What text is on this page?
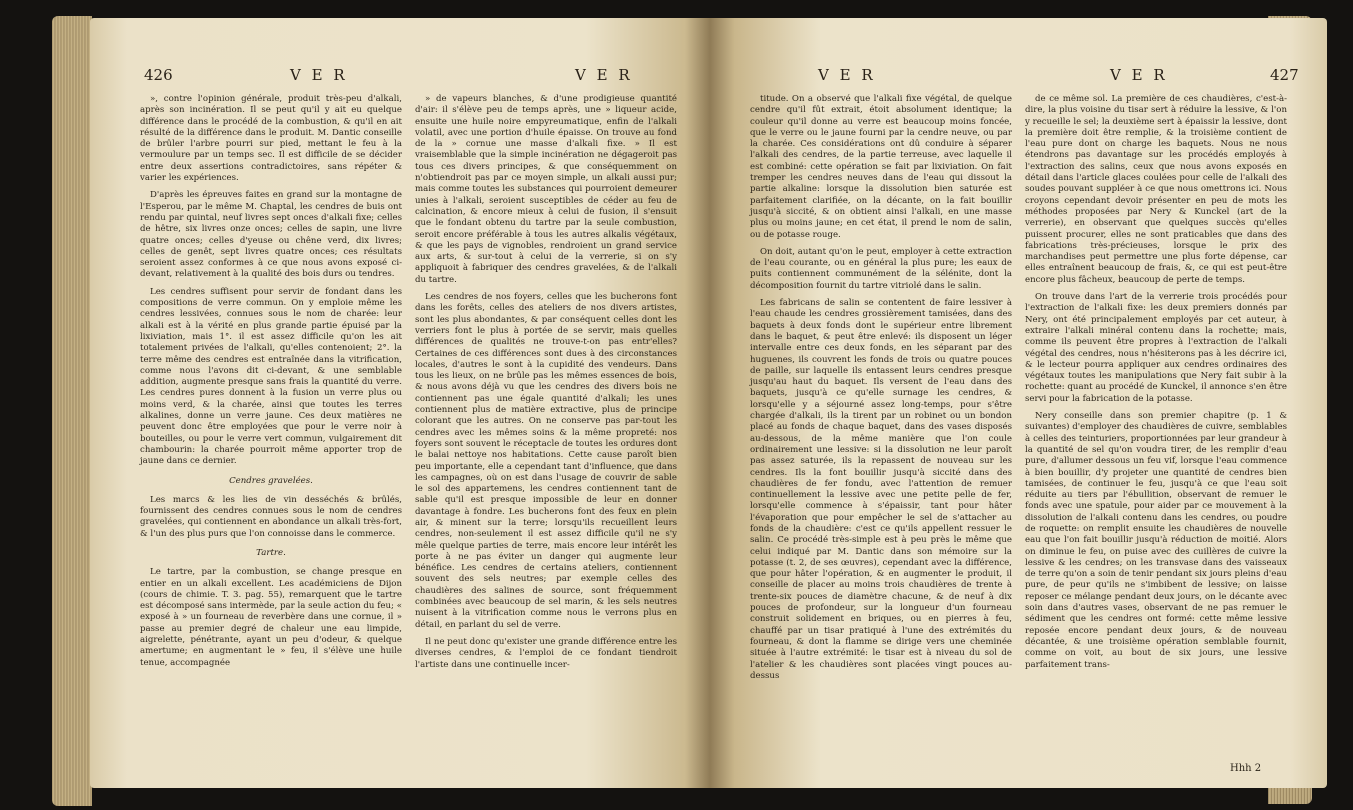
426	V E R	V E R

», contre l'opinion générale, produit très-peu d'alkali, après son incinération. Il se peut qu'il y ait eu quelque différence dans le procédé de la combustion, & qu'il en ait résulté de la différence dans le produit. M. Dantic conseille de brûler l'arbre pourri sur pied, mettant le feu à la vermoulure par un temps sec. Il est difficile de se décider entre deux assertions contradictoires, sans répéter & varier les expériences.

D'après les épreuves faites en grand sur la montagne de l'Esperou, par le même M. Chaptal, les cendres de buis ont rendu par quintal, neuf livres sept onces d'alkali fixe; celles de hêtre, six livres onze onces; celles de sapin, une livre quatre onces; celles d'yeuse ou chêne verd, dix livres; celles de genêt, sept livres quatre onces; ces résultats seroient assez conformes à ce que nous avons exposé ci-devant, relativement à la qualité des bois durs ou tendres.

Les cendres suffisent pour servir de fondant dans les compositions de verre commun. On y emploie même les cendres lessivées, connues sous le nom de charée: leur alkali est à la vérité en plus grande partie épuisé par la lixiviation, mais 1°. il est assez difficile qu'on les ait totalement privées de l'alkali, qu'elles contenoient; 2°. la terre même des cendres est entraînée dans la vitrification, comme nous l'avons dit ci-devant, & une semblable addition, augmente presque sans frais la quantité du verre. Les cendres pures donnent à la fusion un verre plus ou moins verd, & la charée, ainsi que toutes les terres alkalines, donne un verre jaune. Ces deux matières ne peuvent donc être employées que pour le verre noir à bouteilles, ou pour le verre vert commun, vulgairement dit chambourin: la charée pourroit même apporter trop de jaune dans ce dernier.

Cendres gravelées.

Les marcs & les lies de vin desséchés & brûlés, fournissent des cendres connues sous le nom de cendres gravelées, qui contiennent en abondance un alkali très-fort, & l'un des plus purs que l'on connoisse dans le commerce.

Tartre.

Le tartre, par la combustion, se change presque en entier en un alkali excellent. Les académiciens de Dijon (cours de chimie. T. 3. pag. 55), remarquent que le tartre est décomposé sans intermède, par la seule action du feu; « exposé à » un fourneau de reverbère dans une cornue, il » passe au premier degré de chaleur une eau limpide, aigrelette, pénétrante, ayant un peu d'odeur, & quelque amertume; en augmentant le » feu, il s'élève une huile tenue, accompagnée

» de vapeurs blanches, & d'une prodigieuse quantité d'air: il s'élève peu de temps après, une » liqueur acide, ensuite une huile noire empyreumatique, enfin de l'alkali volatil, avec une portion d'huile épaisse. On trouve au fond de la » cornue une masse d'alkali fixe. » Il est vraisemblable que la simple incinération ne dégageroit pas tous ces divers principes, & que conséquemment on n'obtiendroit pas par ce moyen simple, un alkali aussi pur; mais comme toutes les substances qui pourroient demeurer unies à l'alkali, seroient susceptibles de céder au feu de calcination, & encore mieux à celui de fusion, il s'ensuit que le fondant obtenu du tartre par la seule combustion, seroit encore préférable à tous les autres alkalis végétaux, & que les pays de vignobles, rendroient un grand service aux arts, & sur-tout à celui de la verrerie, si on s'y appliquoit à fabriquer des cendres gravelées, & de l'alkali du tartre.

Les cendres de nos foyers, celles que les bucherons font dans les forêts, celles des ateliers de nos divers artistes, sont les plus abondantes, & par conséquent celles dont les verriers font le plus à portée de se servir, mais quelles différences de qualités ne trouve-t-on pas entr'elles? Certaines de ces différences sont dues à des circonstances locales, d'autres le sont à la cupidité des vendeurs. Dans tous les lieux, on ne brûle pas les mêmes essences de bois, & nous avons déjà vu que les cendres des divers bois ne contiennent pas une égale quantité d'alkali; les unes contiennent plus de matière extractive, plus de principe colorant que les autres. On ne conserve pas par-tout les cendres avec les mêmes soins & la même propreté: nos foyers sont souvent le réceptacle de toutes les ordures dont le balai nettoye nos habitations. Cette cause paroît bien peu importante, elle a cependant tant d'influence, que dans les campagnes, où on est dans l'usage de couvrir de sable le sol des appartemens, les cendres contiennent tant de sable qu'il est presque impossible de leur en donner davantage à fondre. Les bucherons font des feux en plein air, & minent sur la terre; lorsqu'ils recueillent leurs cendres, non-seulement il est assez difficile qu'il ne s'y mêle quelque parties de terre, mais encore leur intérêt les porte à ne pas éviter un danger qui augmente leur bénéfice. Les cendres de certains ateliers, contiennent souvent des sels neutres; par exemple celles des chaudières des salines de source, sont fréquemment combinées avec beaucoup de sel marin, & les sels neutres nuisent à la vitrification comme nous le verrons plus en détail, en parlant du sel de verre.

Il ne peut donc qu'exister une grande différence entre les diverses cendres, & l'emploi de ce fondant tiendroit l'artiste dans une continuelle incer-

V E R	V E R	427

titude. On a observé que l'alkali fixe végétal, de quelque cendre qu'il fût extrait, étoit absolument identique; la couleur qu'il donne au verre est beaucoup moins foncée, que le verre ou le jaune fourni par la cendre neuve, ou par la charée. Ces considérations ont dû conduire à séparer l'alkali des cendres, de la partie terreuse, avec laquelle il est combiné: cette opération se fait par lixiviation. On fait tremper les cendres neuves dans de l'eau qui dissout la partie alkaline: lorsque la dissolution bien saturée est parfaitement clarifiée, on la décante, on la fait bouillir jusqu'à siccité, & on obtient ainsi l'alkali, en une masse plus ou moins jaune; en cet état, il prend le nom de salin, ou de potasse rouge.

On doit, autant qu'on le peut, employer à cette extraction de l'eau courante, ou en général la plus pure; les eaux de puits contiennent communément de la sélénite, dont la décomposition fournit du tartre vitriolé dans le salin.

Les fabricans de salin se contentent de faire lessiver à l'eau chaude les cendres grossièrement tamisées, dans des baquets à deux fonds dont le supérieur entre librement dans le baquet, & peut être enlevé: ils disposent un léger intervalle entre ces deux fonds, en les séparant par des huguenes, ils couvrent les fonds de trois ou quatre pouces de paille, sur laquelle ils entassent leurs cendres presque jusqu'au haut du baquet. Ils versent de l'eau dans des baquets, jusqu'à ce qu'elle surnage les cendres, & lorsqu'elle y a séjourné assez long-temps, pour s'être chargée d'alkali, ils la tirent par un robinet ou un bondon placé au fonds de chaque baquet, dans des vases disposés au-dessous, de la même manière que l'on coule ordinairement une lessive: si la dissolution ne leur paroît pas assez saturée, ils la repassent de nouveau sur les cendres. Ils la font bouillir jusqu'à siccité dans des chaudières de fer fondu, avec l'attention de remuer continuellement la lessive avec une petite pelle de fer, lorsqu'elle commence à s'épaissir, tant pour hâter l'évaporation que pour empêcher le sel de s'attacher au fonds de la chaudière: c'est ce qu'ils appellent ressuer le salin. Ce procédé très-simple est à peu près le même que celui indiqué par M. Dantic dans son mémoire sur la potasse (t. 2, de ses œuvres), cependant avec la différence, que pour hâter l'opération, & en augmenter le produit, il conseille de placer au moins trois chaudières de trente à trente-six pouces de diamètre chacune, & de neuf à dix pouces de profondeur, sur la longueur d'un fourneau construit solidement en briques, ou en pierres à feu, chauffé par un tisar pratiqué à l'une des extrémités du fourneau, & dont la flamme se dirige vers une cheminée située à l'autre extrémité: le tisar est à niveau du sol de l'atelier & les chaudières sont placées vingt pouces au-dessus

de ce même sol. La première de ces chaudières, c'est-à-dire, la plus voisine du tisar sert à réduire la lessive, & l'on y recueille le sel; la deuxième sert à épaissir la lessive, dont la première doit être remplie, & la troisième contient de l'eau pure dont on charge les baquets. Nous ne nous étendrons pas davantage sur les procédés employés à l'extraction des salins, ceux que nous avons exposés en détail dans l'article glaces coulées pour celle de l'alkali des soudes pouvant suppléer à ce que nous omettrons ici. Nous croyons cependant devoir présenter en peu de mots les méthodes proposées par Nery & Kunckel (art de la verrerie), en observant que quelques succès qu'elles puissent procurer, elles ne sont praticables que dans des fabrications très-précieuses, lorsque le prix des marchandises peut permettre une plus forte dépense, car elles entraînent beaucoup de frais, &, ce qui est peut-être encore plus fâcheux, beaucoup de perte de temps.

On trouve dans l'art de la verrerie trois procédés pour l'extraction de l'alkali fixe: les deux premiers donnés par Nery, ont été principalement employés par cet auteur, à extraire l'alkali minéral contenu dans la rochette; mais, comme ils peuvent être propres à l'extraction de l'alkali végétal des cendres, nous n'hésiterons pas à les décrire ici, & le lecteur pourra appliquer aux cendres ordinaires des végétaux toutes les manipulations que Nery fait subir à la rochette: quant au procédé de Kunckel, il annonce s'en être servi pour la fabrication de la potasse.

Nery conseille dans son premier chapitre (p. 1 & suivantes) d'employer des chaudières de cuivre, semblables à celles des teinturiers, proportionnées par leur grandeur à la quantité de sel qu'on voudra tirer, de les remplir d'eau pure, d'allumer dessous un feu vif, lorsque l'eau commence à bien bouillir, d'y projeter une quantité de cendres bien tamisées, de continuer le feu, jusqu'à ce que l'eau soit réduite au tiers par l'ébullition, observant de remuer le fonds avec une spatule, pour aider par ce mouvement à la dissolution de l'alkali contenu dans les cendres, ou poudre de roquette: on remplit ensuite les chaudières de nouvelle eau que l'on fait bouillir jusqu'à réduction de moitié. Alors on diminue le feu, on puise avec des cuillères de cuivre la lessive & les cendres; on les transvase dans des vaisseaux de terre qu'on a soin de tenir pendant six jours pleins d'eau pure, de peur qu'ils ne s'imbibent de lessive; on laisse reposer ce mélange pendant deux jours, on le décante avec soin dans d'autres vases, observant de ne pas remuer le sédiment que les cendres ont formé: cette même lessive reposée encore pendant deux jours, & de nouveau décantée, & une troisième opération semblable fournit, comme on voit, au bout de six jours, une lessive parfaitement trans-

Hhh 2
